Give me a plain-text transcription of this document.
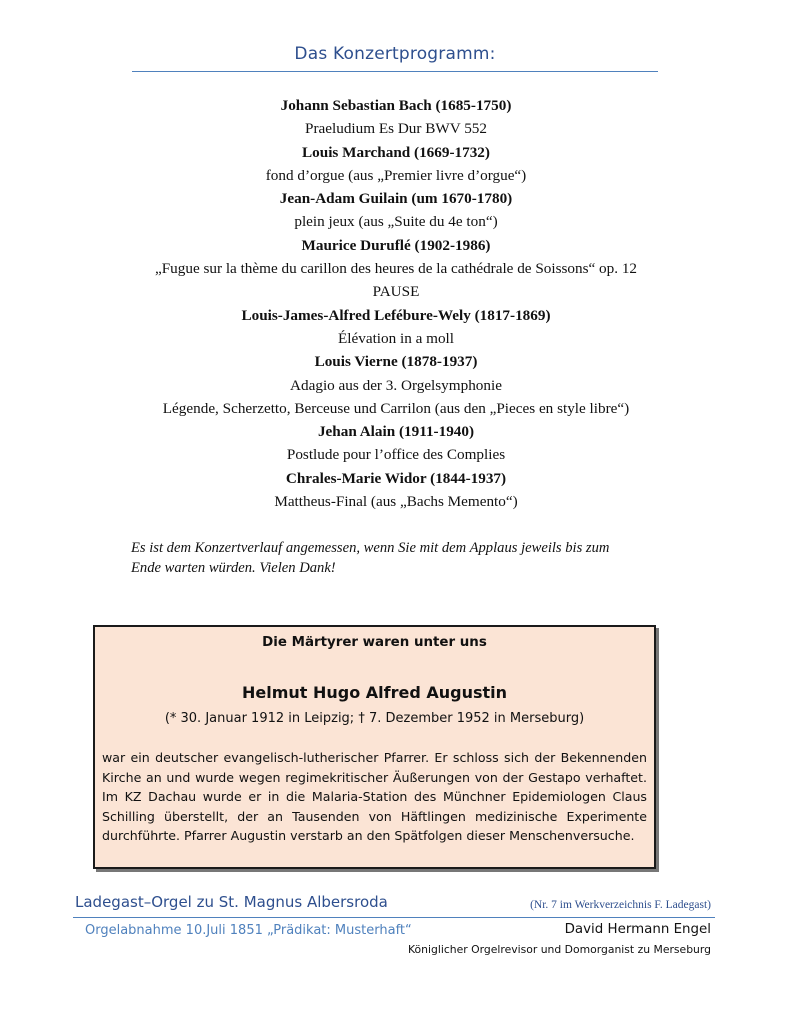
Das Konzertprogramm:
Johann Sebastian Bach (1685-1750)
Praeludium Es Dur BWV 552
Louis Marchand (1669-1732)
fond d’orgue (aus „Premier livre d’orgue“)
Jean-Adam Guilain (um 1670-1780)
plein jeux (aus „Suite du 4e ton“)
Maurice Duruflé (1902-1986)
„Fugue sur la thème du carillon des heures de la cathédrale de Soissons“ op. 12
PAUSE
Louis-James-Alfred Lefébure-Wely (1817-1869)
Élévation in a moll
Louis Vierne (1878-1937)
Adagio aus der 3. Orgelsymphonie
Légende, Scherzetto, Berceuse und Carrilon (aus den „Pieces en style libre“)
Jehan Alain (1911-1940)
Postlude pour l’office des Complies
Chrales-Marie Widor (1844-1937)
Mattheus-Final (aus „Bachs Memento“)
Es ist dem Konzertverlauf angemessen, wenn Sie mit dem Applaus jeweils bis zum
Ende warten würden. Vielen Dank!
Die Märtyrer waren unter uns
Helmut Hugo Alfred Augustin
(* 30. Januar 1912 in Leipzig; † 7. Dezember 1952 in Merseburg)
war ein deutscher evangelisch-lutherischer Pfarrer. Er schloss sich der Bekennenden
Kirche an und wurde wegen regimekritischer Äußerungen von der Gestapo verhaftet.
Im KZ Dachau wurde er in die Malaria-Station des Münchner Epidemiologen Claus
Schilling überstellt, der an Tausenden von Häftlingen medizinische Experimente
durchführte. Pfarrer Augustin verstarb an den Spätfolgen dieser Menschenversuche.
Ladegast–Orgel zu St. Magnus Albersroda	(Nr. 7 im Werkverzeichnis F. Ladegast)
Orgelabnahme 10.Juli 1851 „Prädikat: Musterhaft“	David Hermann Engel
Königlicher Orgelrevisor und Domorganist zu Merseburg
